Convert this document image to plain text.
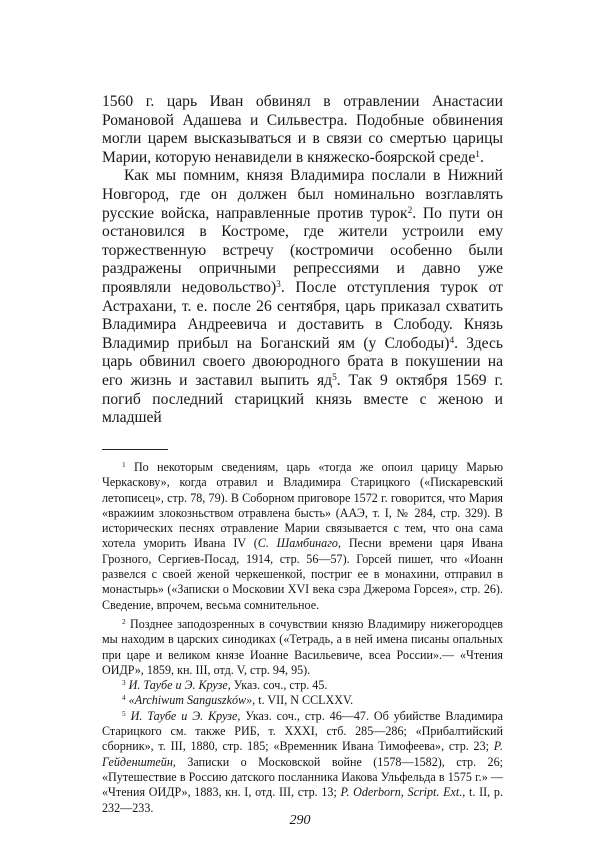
1560 г. царь Иван обвинял в отравлении Анастасии Романовой Адашева и Сильвестра. Подобные обвинения могли царем высказываться и в связи со смертью царицы Марии, которую ненавидели в княжеско-боярской среде$^1$.

Как мы помним, князя Владимира послали в Нижний Новгород, где он должен был номинально возглавлять русские войска, направленные против турок$^2$. По пути он остановился в Костроме, где жители устроили ему торжественную встречу (костромичи особенно были раздражены опричными репрессиями и давно уже проявляли недовольство)$^3$. После отступления турок от Астрахани, т. е. после 26 сентября, царь приказал схватить Владимира Андреевича и доставить в Слободу. Князь Владимир прибыл на Боганский ям (у Слободы)$^4$. Здесь царь обвинил своего двоюродного брата в покушении на его жизнь и заставил выпить $яд^5$. Так 9 октября 1569 г. погиб последний старицкий князь вместе с женою и младшей

$^1$ По некоторым сведениям, царь «тогда же опоил царицу Марью Черкаскову», когда отравил и Владимира Старицкого («Пискаревский летописец», стр. 78, 79). В Соборном приговоре 1572 г. говорится, что Мария «вражиим злокозньством отравлена бысть» (ААЭ, т. I, № 284, стр. 329). В исторических песнях отравление Марии связывается с тем, что она сама хотела уморить Ивана IV (С. Шамбинаго, Песни времени царя Ивана Грозного, Сергиев-Посад, 1914, стр. 56—57). Горсей пишет, что «Иоанн развелся с своей женой черкешенкой, постриг ее в монахини, отправил в монастырь» («Записки о Московии XVI века сэра Джерома Горсея», стр. 26). Сведение, впрочем, весьма сомнительное.

$^2$ Позднее заподозренных в сочувствии князю Владимиру нижегородцев мы находим в царских синодиках («Тетрадь, а в ней имена писаны опальных при царе и великом князе Иоанне Васильевиче, всеа России».— «Чтения ОИДР», 1859, кн. III, отд. V, стр. 94, 95).

$^3$ И. Таубе и Э. Крузе, Указ. соч., стр. 45.

$^4$ «Archiwum Sanguszków», t. VII, N CCLXXV.

$^5$ И. Таубе и Э. Крузе, Указ. соч., стр. 46—47. Об убийстве Владимира Старицкого см. также РИБ, т. XXXI, стб. 285—286; «Прибалтийский сборник», т. III, 1880, стр. 185; «Временник Ивана Тимофеева», стр. 23; Р. Гейденштейн, Записки о Московской войне (1578—1582), стр. 26; «Путешествие в Россию датского посланника Иакова Ульфельда в 1575 г.» — «Чтения ОИДР», 1883, кн. I, отд. III, стр. 13; P. Oderborn, Script. Ext., t. II, p. 232—233.

290
